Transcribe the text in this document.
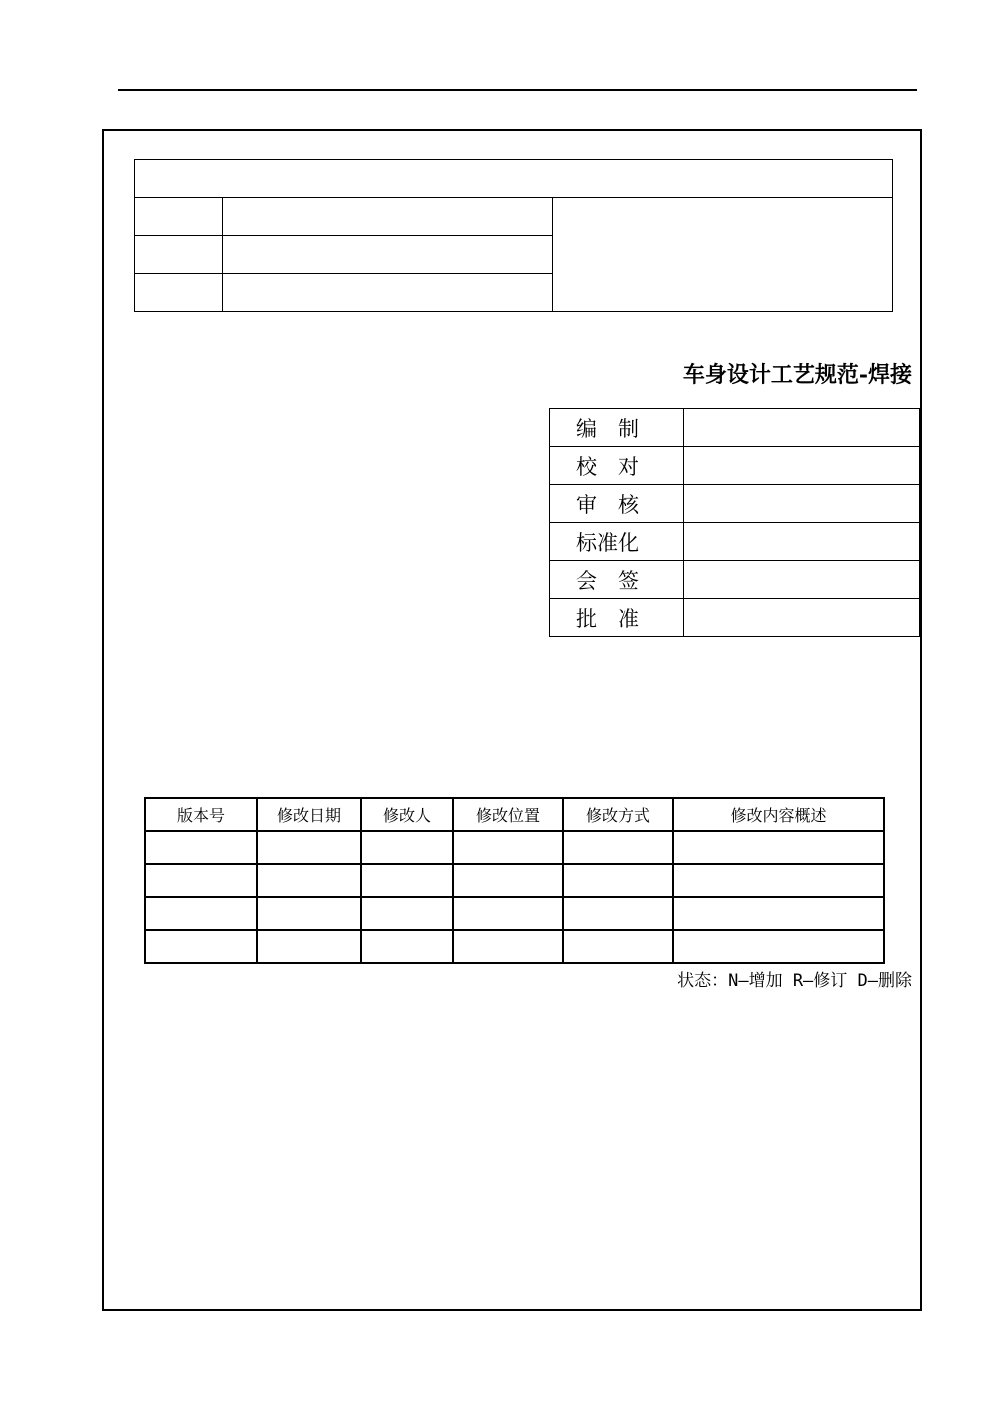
车身设计工艺规范-焊接
编　制	
校　对	
审　核	
标准化	
会　签	
批　准	
版本号	修改日期	修改人	修改位置	修改方式	修改内容概述

状态：N—增加 R—修订 D—删除
